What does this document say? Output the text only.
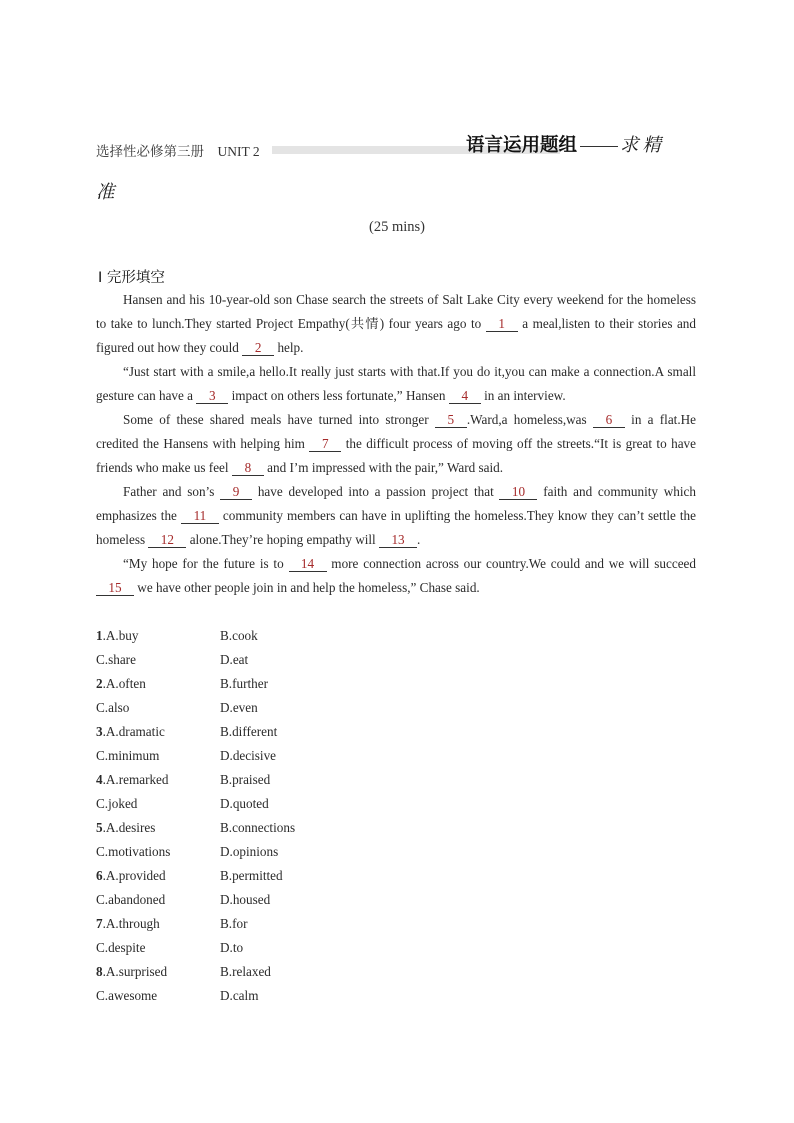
选择性必修第三册　UNIT 2	语言运用题组 求精
准
(25 mins)
Ⅰ 完形填空

Hansen and his 10-year-old son Chase search the streets of Salt Lake City every weekend for the homeless to take to lunch.They started Project Empathy(共情) four years ago to 1 a meal,listen to their stories and figured out how they could 2 help.

“Just start with a smile,a hello.It really just starts with that.If you do it,you can make a connection.A small gesture can have a 3 impact on others less fortunate,” Hansen 4 in an interview.

Some of these shared meals have turned into stronger 5 .Ward,a homeless,was 6 in a flat.He credited the Hansens with helping him 7 the difficult process of moving off the streets.“It is great to have friends who make us feel 8 and I’m impressed with the pair,” Ward said.

Father and son’s 9 have developed into a passion project that 10 faith and community which emphasizes the 11 community members can have in uplifting the homeless.They know they can’t settle the homeless 12 alone.They’re hoping empathy will 13 .

“My hope for the future is to 14 more connection across our country.We could and we will succeed 15 we have other people join in and help the homeless,” Chase said.

1.A.buy	B.cook
C.share	D.eat
2.A.often	B.further
C.also	D.even
3.A.dramatic	B.different
C.minimum	D.decisive
4.A.remarked	B.praised
C.joked	D.quoted
5.A.desires	B.connections
C.motivations	D.opinions
6.A.provided	B.permitted
C.abandoned	D.housed
7.A.through	B.for
C.despite	D.to
8.A.surprised	B.relaxed
C.awesome	D.calm
